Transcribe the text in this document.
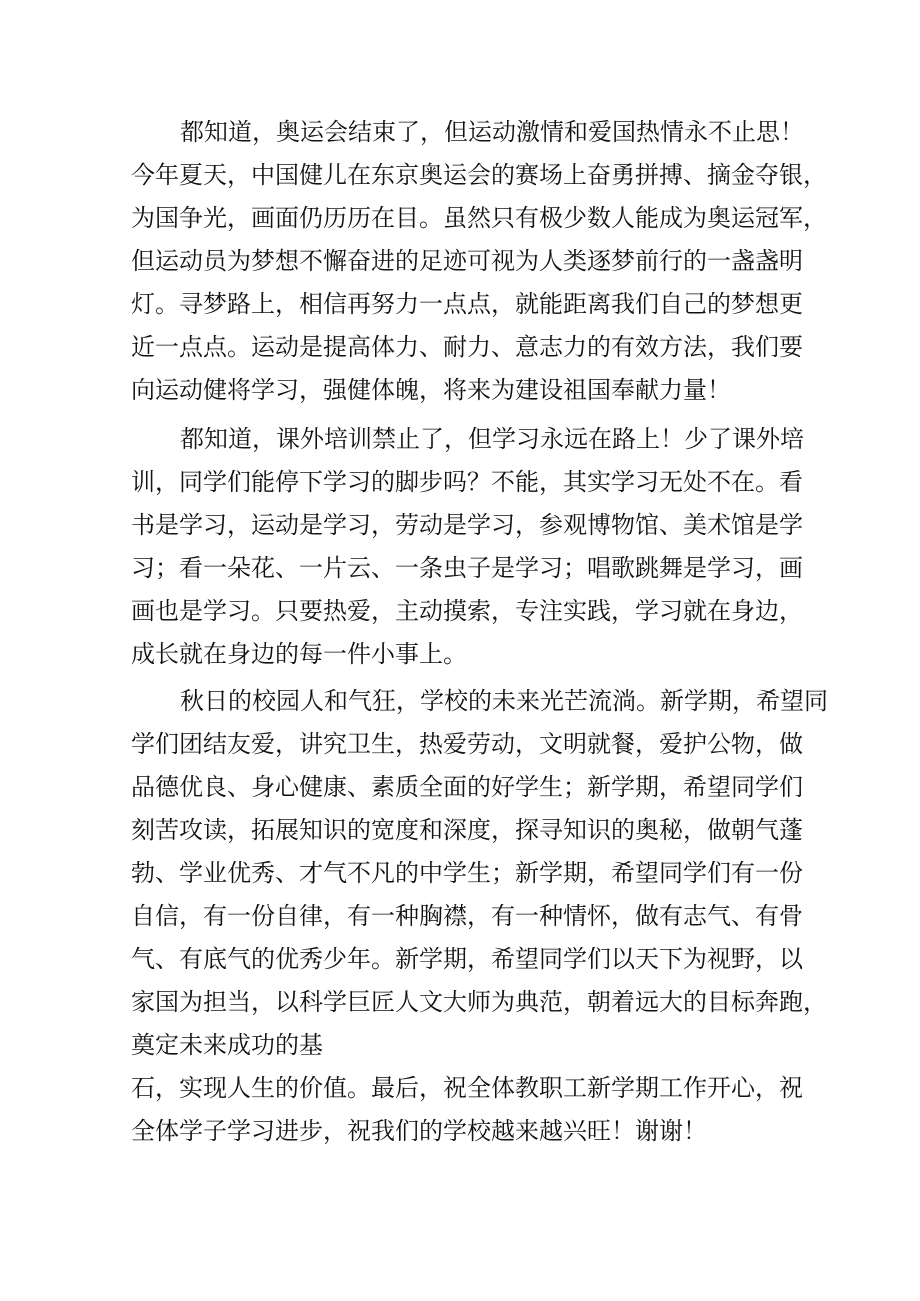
都知道，奥运会结束了，但运动激情和爱国热情永不止思！
今年夏天，中国健儿在东京奥运会的赛场上奋勇拼搏、摘金夺银，
为国争光，画面仍历历在目。虽然只有极少数人能成为奥运冠军，
但运动员为梦想不懈奋进的足迹可视为人类逐梦前行的一盏盏明
灯。寻梦路上，相信再努力一点点，就能距离我们自己的梦想更
近一点点。运动是提高体力、耐力、意志力的有效方法，我们要
向运动健将学习，强健体魄，将来为建设祖国奉献力量！
都知道，课外培训禁止了，但学习永远在路上！少了课外培
训，同学们能停下学习的脚步吗？不能，其实学习无处不在。看
书是学习，运动是学习，劳动是学习，参观博物馆、美术馆是学
习；看一朵花、一片云、一条虫子是学习；唱歌跳舞是学习，画
画也是学习。只要热爱，主动摸索，专注实践，学习就在身边，
成长就在身边的每一件小事上。
秋日的校园人和气狂，学校的未来光芒流淌。新学期，希望同
学们团结友爱，讲究卫生，热爱劳动，文明就餐，爱护公物，做
品德优良、身心健康、素质全面的好学生；新学期，希望同学们
刻苦攻读，拓展知识的宽度和深度，探寻知识的奥秘，做朝气蓬
勃、学业优秀、才气不凡的中学生；新学期，希望同学们有一份
自信，有一份自律，有一种胸襟，有一种情怀，做有志气、有骨
气、有底气的优秀少年。新学期，希望同学们以天下为视野，以
家国为担当，以科学巨匠人文大师为典范，朝着远大的目标奔跑，
奠定未来成功的基
石，实现人生的价值。最后，祝全体教职工新学期工作开心，祝
全体学子学习进步，祝我们的学校越来越兴旺！谢谢！
